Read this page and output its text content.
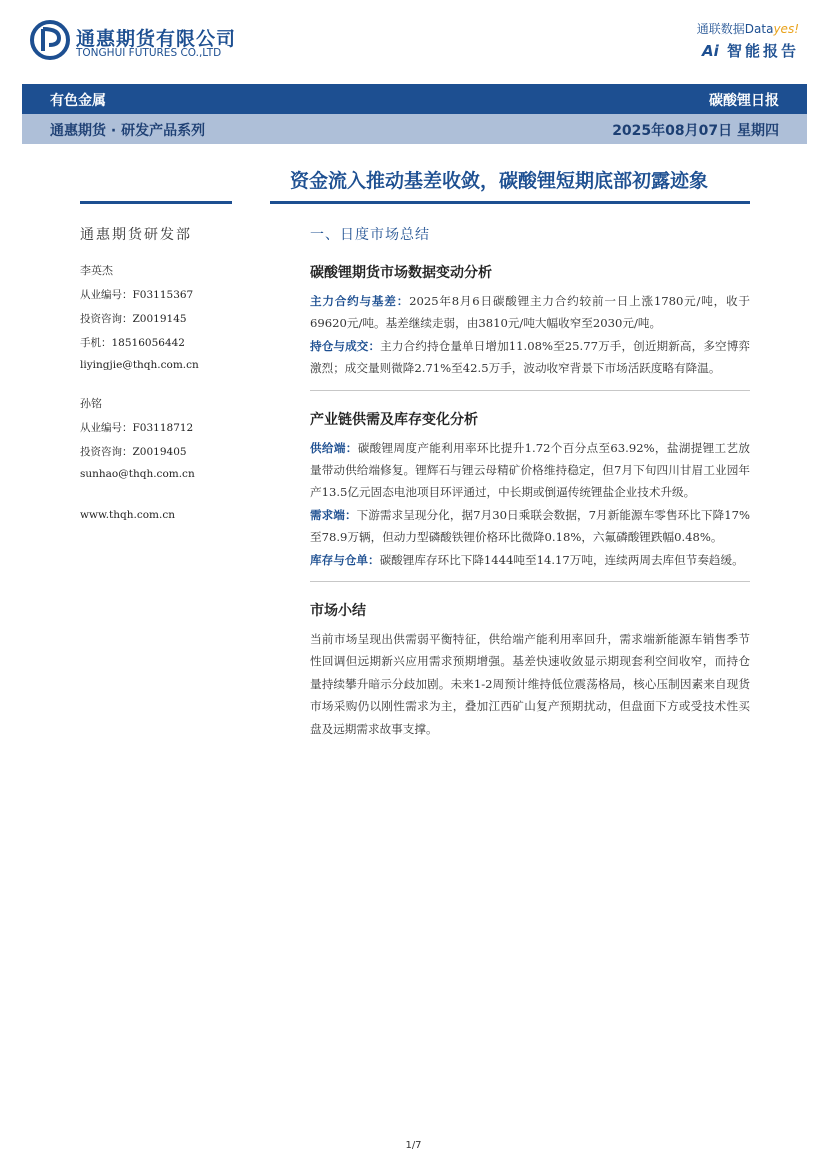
通惠期货有限公司
TONGHUI FUTURES CO.,LTD
通联数据Datayes!
Ai 智能报告
有色金属	碳酸锂日报
通惠期货 · 研发产品系列	2025年08月07日 星期四
资金流入推动基差收敛，碳酸锂短期底部初露迹象
通惠期货研发部
李英杰
从业编号：F03115367
投资咨询：Z0019145
手机：18516056442
liyingjie@thqh.com.cn
孙铭
从业编号：F03118712
投资咨询：Z0019405
sunhao@thqh.com.cn
www.thqh.com.cn
一、日度市场总结
碳酸锂期货市场数据变动分析

主力合约与基差：2025年8月6日碳酸锂主力合约较前一日上涨1780元/吨，收于69620元/吨。基差继续走弱，由3810元/吨大幅收窄至2030元/吨。

持仓与成交：主力合约持仓量单日增加11.08%至25.77万手，创近期新高，多空博弈激烈；成交量则微降2.71%至42.5万手，波动收窄背景下市场活跃度略有降温。

产业链供需及库存变化分析

供给端：碳酸锂周度产能利用率环比提升1.72个百分点至63.92%，盐湖提锂工艺放量带动供给端修复。锂辉石与锂云母精矿价格维持稳定，但7月下旬四川甘眉工业园年产13.5亿元固态电池项目环评通过，中长期或倒逼传统锂盐企业技术升级。

需求端：下游需求呈现分化，据7月30日乘联会数据，7月新能源车零售环比下降17%至78.9万辆，但动力型磷酸铁锂价格环比微降0.18%，六氟磷酸锂跌幅0.48%。

库存与仓单：碳酸锂库存环比下降1444吨至14.17万吨，连续两周去库但节奏趋缓。

市场小结

当前市场呈现出供需弱平衡特征，供给端产能利用率回升，需求端新能源车销售季节性回调但远期新兴应用需求预期增强。基差快速收敛显示期现套利空间收窄，而持仓量持续攀升暗示分歧加剧。未来1-2周预计维持低位震荡格局，核心压制因素来自现货市场采购仍以刚性需求为主，叠加江西矿山复产预期扰动，但盘面下方或受技术性买盘及远期需求故事支撑。

1/7
